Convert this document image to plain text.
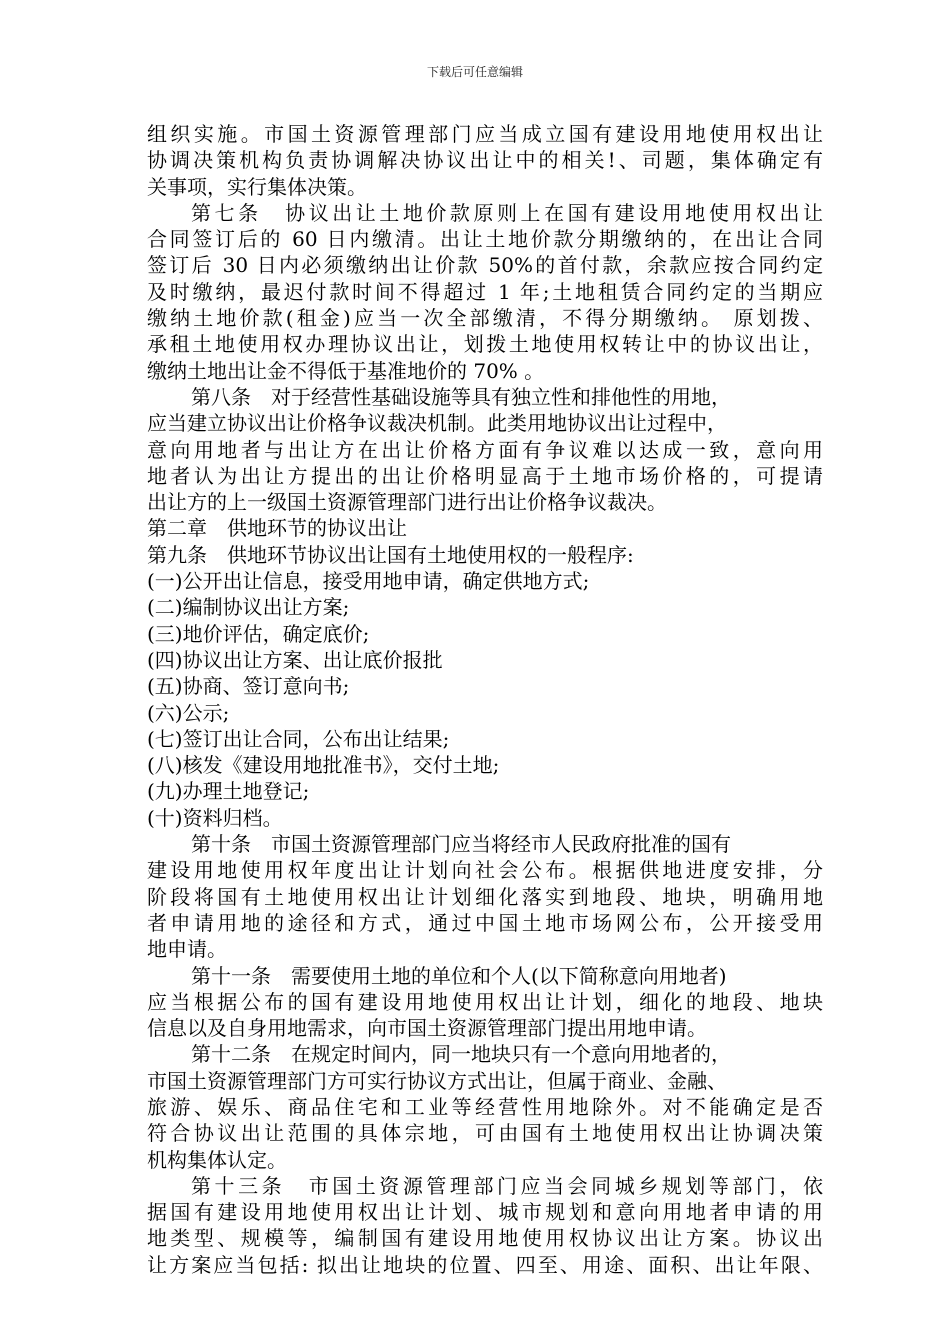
下载后可任意编辑
组织实施。市国土资源管理部门应当成立国有建设用地使用权出让
协调决策机构负责协调解决协议出让中的相关!、司题，集体确定有
关事项，实行集体决策。
第七条　协议出让土地价款原则上在国有建设用地使用权出让
合同签订后的 60 日内缴清。出让土地价款分期缴纳的，在出让合同
签订后 30 日内必须缴纳出让价款 50%的首付款，余款应按合同约定
及时缴纳，最迟付款时间不得超过 1 年;土地租赁合同约定的当期应
缴纳土地价款(租金)应当一次全部缴清，不得分期缴纳。 原划拨、
承租土地使用权办理协议出让，划拨土地使用权转让中的协议出让，
缴纳土地出让金不得低于基准地价的 70% 。
第八条　对于经营性基础设施等具有独立性和排他性的用地，
应当建立协议出让价格争议裁决机制。此类用地协议出让过程中，
意向用地者与出让方在出让价格方面有争议难以达成一致，意向用
地者认为出让方提出的出让价格明显高于土地市场价格的，可提请
出让方的上一级国土资源管理部门进行出让价格争议裁决。
第二章　供地环节的协议出让
第九条　供地环节协议出让国有土地使用权的一般程序:
(一)公开出让信息，接受用地申请，确定供地方式;
(二)编制协议出让方案;
(三)地价评估，确定底价;
(四)协议出让方案、出让底价报批
(五)协商、签订意向书;
(六)公示;
(七)签订出让合同，公布出让结果;
(八)核发《建设用地批准书》，交付土地;
(九)办理土地登记;
(十)资料归档。
第十条　市国土资源管理部门应当将经市人民政府批准的国有
建设用地使用权年度出让计划向社会公布。根据供地进度安排，分
阶段将国有土地使用权出让计划细化落实到地段、地块，明确用地
者申请用地的途径和方式，通过中国土地市场网公布，公开接受用
地申请。
第十一条　需要使用土地的单位和个人(以下简称意向用地者)
应当根据公布的国有建设用地使用权出让计划，细化的地段、地块
信息以及自身用地需求，向市国土资源管理部门提出用地申请。
第十二条　在规定时间内，同一地块只有一个意向用地者的，
市国土资源管理部门方可实行协议方式出让，但属于商业、金融、
旅游、娱乐、商品住宅和工业等经营性用地除外。对不能确定是否
符合协议出让范围的具体宗地，可由国有土地使用权出让协调决策
机构集体认定。
第十三条　市国土资源管理部门应当会同城乡规划等部门，依
据国有建设用地使用权出让计划、城市规划和意向用地者申请的用
地类型、规模等，编制国有建设用地使用权协议出让方案。协议出
让方案应当包括: 拟出让地块的位置、四至、用途、面积、出让年限、
